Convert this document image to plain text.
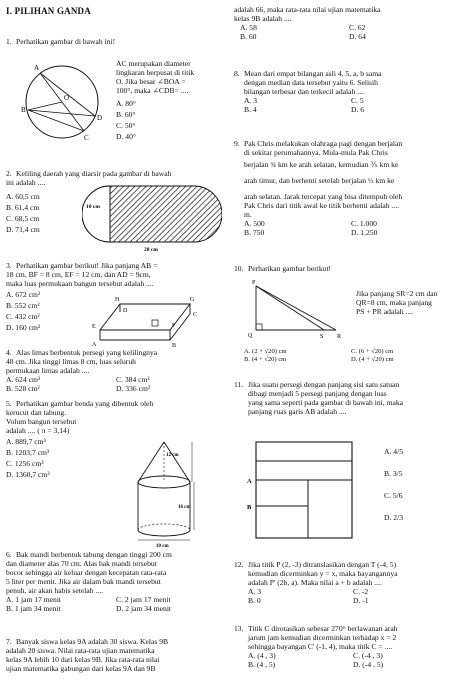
I. PILIHAN GANDA
1. Perhatikan gambar di bawah ini!
A
O
B
D
C
AC merupakan diameter
lingkaran berpusat di titik
O. Jika besar ∠BOA =
100°, maka ∠CDB= ....
A. 80°
B. 60°
C. 50°
D. 40°
2. Keliling daerah yang diarsir pada gambar di bawah
ini adalah ....
A. 60,5 cm
B. 61,4 cm
C. 68,5 cm
D. 71,4 cm
10 cm
28 cm
3. Perhatikan gambar berikut! Jika panjang AB =
18 cm, BF = 8 cm, EF = 12 cm, dan AD = 9cm,
maka luas permukaan bangun tersebut adalah ....
A. 672 cm²
B. 552 cm²
C. 432 cm²
D. 160 cm²
H	G
E	F
A	B
D
C
4. Alas limas berbentuk persegi yang kelilingnya
48 cm. Jika tinggi limas 8 cm, luas seluruh
permukaan limas adalah ....
A. 624 cm²	C. 384 cm²
B. 528 cm²	D. 336 cm²
5. Perhatikan gambar benda yang dibentuk oleh
kerucut dan tabung.
Volum bangun tersebut
adalah .... ( π = 3,14)
A. 889,7 cm³
B. 1203,7 cm³
C. 1256 cm³
D. 1360,7 cm³
12 cm
16 cm
10 cm
6. Bak mandi berbentuk tabung dengan tinggi 200 cm
dan diameter alas 70 cm. Alas bak mandi tersebut
bocor sehingga air keluar dengan kecepatan rata-rata
5 liter per menit. Jika air dalam bak mandi tersebut
penuh, air akan habis setelah ....
A. 1 jam 17 menit	C. 2 jam 17 menit
B. 1 jam 34 menit	D. 2 jam 34 menit
7. Banyak siswa kelas 9A adalah 30 siswa. Kelas 9B
adalah 20 siswa. Nilai rata-rata ujian matematika
kelas 9A lebih 10 dari kelas 9B. Jika rata-rata nilai
ujian matematika gabungan dari kelas 9A dan 9B
adalah 66, maka rata-rata nilai ujian matematika
kelas 9B adalah ....
A. 58	C. 62
B. 60	D. 64
8. Mean dari empat bilangan asli 4, 5, a, b sama
dengan median data tersebut yaitu 6. Selisih
bilangan terbesar dan terkecil adalah ....
A. 3	C. 5
B. 4	D. 6
9. Pak Chris melakukan olahraga pagi dengan berjalan
di sekitar perumahannya. Mula-mula Pak Chris
berjalan ¾ km ke arah selatan, kemudian ⅗ km ke
arah timur, dan berhenti setelah berjalan ½ km ke
arah selatan. Jarak tercepat yang bisa ditempuh oleh
Pak Chris dari titik awal ke titik berhenti adalah ....
m.
A. 500	C. 1.000
B. 750	D. 1.250
10. Perhatikan gambar berikut!
P
Q	S R
Jika panjang SR=2 cm dan
QR=8 cm, maka panjang
PS + PR adalah ....
A. (2 + √20) cm	C. (6 + √20) cm
B. (4 + √20) cm	D. (4 + √20) cm
11. Jika suatu persegi dengan panjang sisi satu satuan
dibagi menjadi 5 persegi panjang dengan luas
yang sama seperti pada gambar di bawah ini, maka
panjang ruas garis AB adalah ....
A
B
A. 4/5
B. 3/5
C. 5/6
D. 2/3
12. Jika titik P (2, -3) ditranslasikan dengan T (-4, 5)
kemudian dicerminkan y = x, maka bayangannya
adalah P' (2b, a). Maka nilai a + b adalah ....
A. 3	C. -2
B. 0	D. -1
13. Titik C dirotasikan sebesar 270° berlawanan arah
jarum jam kemudian dicerminkan terhadap x = 2
sehingga bayangan C' (-1, 4), maka titik C = ....
A. (4 , 3)	C. (-4 , 3)
B. (4 , 5)	D. (-4 , 5)
